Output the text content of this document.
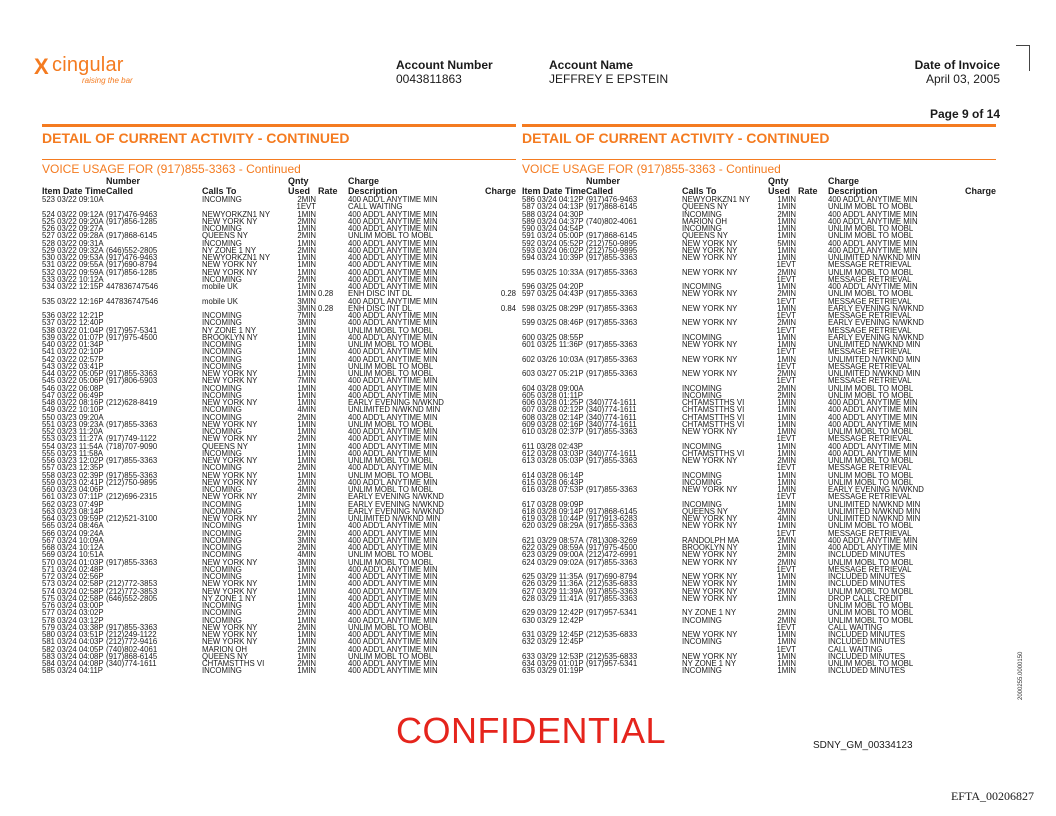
X cingular
raising the bar
Account Number
0043811863
Account Name
JEFFREY E EPSTEIN
Date of Invoice
April 03, 2005
Page 9 of 14
DETAIL OF CURRENT ACTIVITY - CONTINUED
VOICE USAGE FOR (917)855-3363 - Continued
Number	Qnty	Charge
Item Date Time Called	Calls To	Used Rate Description	Charge
523 03/22 09:10A	INCOMING	2MIN	400 ADD'L ANYTIME MIN
1EVT	CALL WAITING
524 03/22 09:12A (917)476-9463	NEWYORKZN1 NY	1MIN	400 ADD'L ANYTIME MIN
525 03/22 09:20A (917)856-1285	NEW YORK NY	2MIN	400 ADD'L ANYTIME MIN
526 03/22 09:27A	INCOMING	1MIN	400 ADD'L ANYTIME MIN
527 03/22 09:28A (917)868-6145	QUEENS NY	2MIN	UNLIM MOBL TO MOBL
528 03/22 09:31A	INCOMING	1MIN	400 ADD'L ANYTIME MIN
529 03/22 09:32A (646)552-2805	NY ZONE 1 NY	2MIN	400 ADD'L ANYTIME MIN
530 03/22 09:53A (917)476-9463	NEWYORKZN1 NY	1MIN	400 ADD'L ANYTIME MIN
531 03/22 09:55A (917)690-8794	NEW YORK NY	1MIN	400 ADD'L ANYTIME MIN
532 03/22 09:59A (917)856-1285	NEW YORK NY	1MIN	400 ADD'L ANYTIME MIN
533 03/22 10:12A	INCOMING	2MIN	400 ADD'L ANYTIME MIN
534 03/22 12:15P 447836747546	mobile UK	1MIN	400 ADD'L ANYTIME MIN
1MIN 0.28 ENH DISC INT DL	0.28
535 03/22 12:16P 447836747546	mobile UK	3MIN	400 ADD'L ANYTIME MIN
3MIN 0.28 ENH DISC INT DL	0.84
536 03/22 12:21P	INCOMING	7MIN	400 ADD'L ANYTIME MIN
537 03/22 12:40P	INCOMING	3MIN	400 ADD'L ANYTIME MIN
538 03/22 01:04P (917)957-5341	NY ZONE 1 NY	1MIN	UNLIM MOBL TO MOBL
539 03/22 01:07P (917)975-4500	BROOKLYN NY	1MIN	400 ADD'L ANYTIME MIN
540 03/22 01:34P	INCOMING	1MIN	UNLIM MOBL TO MOBL
541 03/22 02:10P	INCOMING	1MIN	400 ADD'L ANYTIME MIN
542 03/22 02:57P	INCOMING	1MIN	400 ADD'L ANYTIME MIN
543 03/22 03:41P	INCOMING	1MIN	UNLIM MOBL TO MOBL
544 03/22 05:05P (917)855-3363	NEW YORK NY	1MIN	UNLIM MOBL TO MOBL
545 03/22 05:06P (917)806-5903	NEW YORK NY	7MIN	400 ADD'L ANYTIME MIN
546 03/22 06:08P	INCOMING	1MIN	400 ADD'L ANYTIME MIN
547 03/22 06:49P	INCOMING	1MIN	400 ADD'L ANYTIME MIN
548 03/22 08:16P (212)628-8419	NEW YORK NY	1MIN	EARLY EVENING N/WKND
549 03/22 10:10P	INCOMING	4MIN	UNLIMITED N/WKND MIN
550 03/23 09:20A	INCOMING	2MIN	400 ADD'L ANYTIME MIN
551 03/23 09:23A (917)855-3363	NEW YORK NY	1MIN	UNLIM MOBL TO MOBL
552 03/23 11:20A	INCOMING	1MIN	400 ADD'L ANYTIME MIN
553 03/23 11:27A (917)749-1122	NEW YORK NY	2MIN	400 ADD'L ANYTIME MIN
554 03/23 11:54A (718)707-9090	QUEENS NY	1MIN	400 ADD'L ANYTIME MIN
555 03/23 11:58A	INCOMING	1MIN	400 ADD'L ANYTIME MIN
556 03/23 12:02P (917)855-3363	NEW YORK NY	1MIN	UNLIM MOBL TO MOBL
557 03/23 12:35P	INCOMING	2MIN	400 ADD'L ANYTIME MIN
558 03/23 02:39P (917)855-3363	NEW YORK NY	1MIN	UNLIM MOBL TO MOBL
559 03/23 02:41P (212)750-9895	NEW YORK NY	2MIN	400 ADD'L ANYTIME MIN
560 03/23 04:06P	INCOMING	4MIN	UNLIM MOBL TO MOBL
561 03/23 07:11P (212)696-2315	NEW YORK NY	2MIN	EARLY EVENING N/WKND
562 03/23 07:49P	INCOMING	1MIN	EARLY EVENING N/WKND
563 03/23 08:14P	INCOMING	1MIN	EARLY EVENING N/WKND
564 03/23 09:59P (212)521-3100	NEW YORK NY	2MIN	UNLIMITED N/WKND MIN
565 03/24 08:46A	INCOMING	1MIN	400 ADD'L ANYTIME MIN
566 03/24 09:24A	INCOMING	2MIN	400 ADD'L ANYTIME MIN
567 03/24 10:09A	INCOMING	3MIN	400 ADD'L ANYTIME MIN
568 03/24 10:12A	INCOMING	2MIN	400 ADD'L ANYTIME MIN
569 03/24 10:51A	INCOMING	4MIN	UNLIM MOBL TO MOBL
570 03/24 01:03P (917)855-3363	NEW YORK NY	3MIN	UNLIM MOBL TO MOBL
571 03/24 02:48P	INCOMING	1MIN	400 ADD'L ANYTIME MIN
572 03/24 02:56P	INCOMING	1MIN	400 ADD'L ANYTIME MIN
573 03/24 02:58P (212)772-3853	NEW YORK NY	1MIN	400 ADD'L ANYTIME MIN
574 03/24 02:58P (212)772-3853	NEW YORK NY	1MIN	400 ADD'L ANYTIME MIN
575 03/24 02:58P (646)552-2805	NY ZONE 1 NY	1MIN	400 ADD'L ANYTIME MIN
576 03/24 03:00P	INCOMING	1MIN	400 ADD'L ANYTIME MIN
577 03/24 03:02P	INCOMING	2MIN	400 ADD'L ANYTIME MIN
578 03/24 03:12P	INCOMING	1MIN	400 ADD'L ANYTIME MIN
579 03/24 03:38P (917)855-3363	NEW YORK NY	2MIN	UNLIM MOBL TO MOBL
580 03/24 03:51P (212)249-1122	NEW YORK NY	1MIN	400 ADD'L ANYTIME MIN
581 03/24 04:03P (212)772-9416	NEW YORK NY	1MIN	400 ADD'L ANYTIME MIN
582 03/24 04:05P (740)802-4061	MARION OH	2MIN	400 ADD'L ANYTIME MIN
583 03/24 04:08P (917)868-6145	QUEENS NY	1MIN	UNLIM MOBL TO MOBL
584 03/24 04:08P (340)774-1611	CHTAMSTTHS VI	2MIN	400 ADD'L ANYTIME MIN
585 03/24 04:11P	INCOMING	1MIN	400 ADD'L ANYTIME MIN
DETAIL OF CURRENT ACTIVITY - CONTINUED
VOICE USAGE FOR (917)855-3363 - Continued
Number	Qnty	Charge
Item Date Time Called	Calls To	Used Rate Description	Charge
586 03/24 04:12P (917)476-9463	NEWYORKZN1 NY	1MIN	400 ADD'L ANYTIME MIN
587 03/24 04:13P (917)868-6145	QUEENS NY	1MIN	UNLIM MOBL TO MOBL
588 03/24 04:30P	INCOMING	2MIN	400 ADD'L ANYTIME MIN
589 03/24 04:37P (740)802-4061	MARION OH	1MIN	400 ADD'L ANYTIME MIN
590 03/24 04:54P	INCOMING	1MIN	UNLIM MOBL TO MOBL
591 03/24 05:00P (917)868-6145	QUEENS NY	1MIN	UNLIM MOBL TO MOBL
592 03/24 05:52P (212)750-9895	NEW YORK NY	5MIN	400 ADD'L ANYTIME MIN
593 03/24 06:02P (212)750-9895	NEW YORK NY	1MIN	400 ADD'L ANYTIME MIN
594 03/24 10:39P (917)855-3363	NEW YORK NY	1MIN	UNLIMITED N/WKND MIN
1EVT	MESSAGE RETRIEVAL
595 03/25 10:33A (917)855-3363	NEW YORK NY	2MIN	UNLIM MOBL TO MOBL
1EVT	MESSAGE RETRIEVAL
596 03/25 04:20P	INCOMING	1MIN	400 ADD'L ANYTIME MIN
597 03/25 04:43P (917)855-3363	NEW YORK NY	2MIN	UNLIM MOBL TO MOBL
1EVT	MESSAGE RETRIEVAL
598 03/25 08:29P (917)855-3363	NEW YORK NY	1MIN	EARLY EVENING N/WKND
1EVT	MESSAGE RETRIEVAL
599 03/25 08:46P (917)855-3363	NEW YORK NY	2MIN	EARLY EVENING N/WKND
1EVT	MESSAGE RETRIEVAL
600 03/25 08:55P	INCOMING	1MIN	EARLY EVENING N/WKND
601 03/25 11:36P (917)855-3363	NEW YORK NY	1MIN	UNLIMITED N/WKND MIN
1EVT	MESSAGE RETRIEVAL
602 03/26 10:03A (917)855-3363	NEW YORK NY	1MIN	UNLIMITED N/WKND MIN
1EVT	MESSAGE RETRIEVAL
603 03/27 05:21P (917)855-3363	NEW YORK NY	2MIN	UNLIMITED N/WKND MIN
1EVT	MESSAGE RETRIEVAL
604 03/28 09:00A	INCOMING	2MIN	UNLIM MOBL TO MOBL
605 03/28 01:11P	INCOMING	2MIN	UNLIM MOBL TO MOBL
606 03/28 01:25P (340)774-1611	CHTAMSTTHS VI	1MIN	400 ADD'L ANYTIME MIN
607 03/28 02:12P (340)774-1611	CHTAMSTTHS VI	1MIN	400 ADD'L ANYTIME MIN
608 03/28 02:14P (340)774-1611	CHTAMSTTHS VI	1MIN	400 ADD'L ANYTIME MIN
609 03/28 02:16P (340)774-1611	CHTAMSTTHS VI	1MIN	400 ADD'L ANYTIME MIN
610 03/28 02:37P (917)855-3363	NEW YORK NY	1MIN	UNLIM MOBL TO MOBL
1EVT	MESSAGE RETRIEVAL
611 03/28 02:43P	INCOMING	1MIN	400 ADD'L ANYTIME MIN
612 03/28 03:03P (340)774-1611	CHTAMSTTHS VI	1MIN	400 ADD'L ANYTIME MIN
613 03/28 05:03P (917)855-3363	NEW YORK NY	2MIN	UNLIM MOBL TO MOBL
1EVT	MESSAGE RETRIEVAL
614 03/28 06:14P	INCOMING	1MIN	UNLIM MOBL TO MOBL
615 03/28 06:43P	INCOMING	1MIN	UNLIM MOBL TO MOBL
616 03/28 07:53P (917)855-3363	NEW YORK NY	1MIN	EARLY EVENING N/WKND
1EVT	MESSAGE RETRIEVAL
617 03/28 09:09P	INCOMING	1MIN	UNLIMITED N/WKND MIN
618 03/28 09:14P (917)868-6145	QUEENS NY	2MIN	UNLIMITED N/WKND MIN
619 03/28 10:44P (917)913-6283	NEW YORK NY	4MIN	UNLIMITED N/WKND MIN
620 03/29 08:29A (917)855-3363	NEW YORK NY	1MIN	UNLIM MOBL TO MOBL
1EVT	MESSAGE RETRIEVAL
621 03/29 08:57A (781)308-3269	RANDOLPH MA	2MIN	400 ADD'L ANYTIME MIN
622 03/29 08:59A (917)975-4500	BROOKLYN NY	1MIN	400 ADD'L ANYTIME MIN
623 03/29 09:00A (212)472-6991	NEW YORK NY	2MIN	INCLUDED MINUTES
624 03/29 09:02A (917)855-3363	NEW YORK NY	2MIN	UNLIM MOBL TO MOBL
1EVT	MESSAGE RETRIEVAL
625 03/29 11:35A (917)690-8794	NEW YORK NY	1MIN	INCLUDED MINUTES
626 03/29 11:36A (212)535-6833	NEW YORK NY	1MIN	INCLUDED MINUTES
627 03/29 11:39A (917)855-3363	NEW YORK NY	2MIN	UNLIM MOBL TO MOBL
628 03/29 11:41A (917)855-3363	NEW YORK NY	1MIN	DROP CALL CREDIT
UNLIM MOBL TO MOBL
629 03/29 12:42P (917)957-5341	NY ZONE 1 NY	2MIN	UNLIM MOBL TO MOBL
630 03/29 12:42P	INCOMING	2MIN	UNLIM MOBL TO MOBL
1EVT	CALL WAITING
631 03/29 12:45P (212)535-6833	NEW YORK NY	1MIN	INCLUDED MINUTES
632 03/29 12:45P	INCOMING	1MIN	INCLUDED MINUTES
1EVT	CALL WAITING
633 03/29 12:53P (212)535-6833	NEW YORK NY	1MIN	INCLUDED MINUTES
634 03/29 01:01P (917)957-5341	NY ZONE 1 NY	1MIN	UNLIM MOBL TO MOBL
635 03/29 01:19P	INCOMING	1MIN	INCLUDED MINUTES
SDNY_GM_00334123
CONFIDENTIAL
EFTA_00206827
2000255.0000150
